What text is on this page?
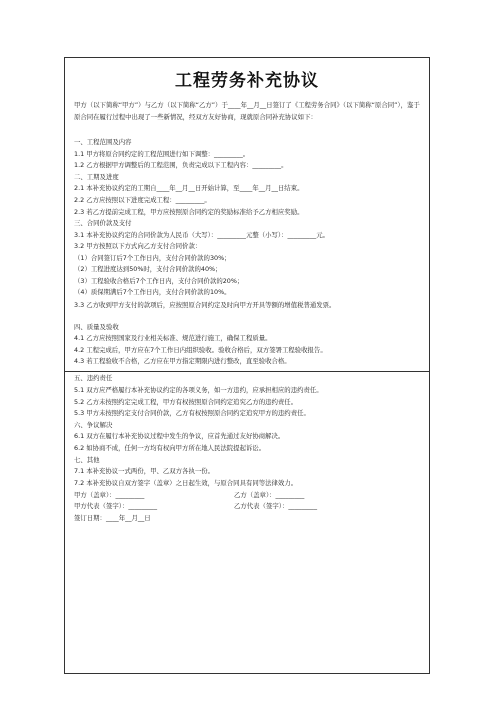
工程劳务补充协议
甲方（以下简称“甲方”）与乙方（以下简称“乙方”）于____年__月__日签订了《工程劳务合同》（以下简称“原合同”），鉴于原合同在履行过程中出现了一些新情况，经双方友好协商，现就原合同补充协议如下：
一、工程范围及内容
1.1 甲方将原合同约定的工程范围进行如下调整：_________。
1.2 乙方根据甲方调整后的工程范围，负责完成以下工程内容：_________。
二、工期及进度
2.1 本补充协议约定的工期自____年__月__日开始计算，至____年__月__日结束。
2.2 乙方应按照以下进度完成工程：_________。
2.3 若乙方提前完成工程，甲方应按照原合同约定的奖励标准给予乙方相应奖励。
三、合同价款及支付
3.1 本补充协议约定的合同价款为人民币（大写）：_________元整（小写）：_________元。
3.2 甲方按照以下方式向乙方支付合同价款：
（1）合同签订后7个工作日内，支付合同价款的30%；
（2）工程进度达到50%时，支付合同价款的40%；
（3）工程验收合格后7个工作日内，支付合同价款的20%；
（4）质保期满后7个工作日内，支付合同价款的10%。
3.3 乙方收到甲方支付的款项后，应按照原合同约定及时向甲方开具等额的增值税普通发票。
四、质量及验收
4.1 乙方应按照国家及行业相关标准、规范进行施工，确保工程质量。
4.2 工程完成后，甲方应在7个工作日内组织验收。验收合格后，双方签署工程验收报告。
4.3 若工程验收不合格，乙方应在甲方指定期限内进行整改，直至验收合格。
五、违约责任
5.1 双方应严格履行本补充协议约定的各项义务，如一方违约，应承担相应的违约责任。
5.2 乙方未按照约定完成工程，甲方有权按照原合同约定追究乙方的违约责任。
5.3 甲方未按照约定支付合同价款，乙方有权按照原合同约定追究甲方的违约责任。
六、争议解决
6.1 双方在履行本补充协议过程中发生的争议，应首先通过友好协商解决。
6.2 如协商不成，任何一方均有权向甲方所在地人民法院提起诉讼。
七、其他
7.1 本补充协议一式两份，甲、乙双方各执一份。
7.2 本补充协议自双方签字（盖章）之日起生效，与原合同具有同等法律效力。
甲方（盖章）：_________	乙方（盖章）：_________
甲方代表（签字）：_________	乙方代表（签字）：_________
签订日期：____年__月__日
